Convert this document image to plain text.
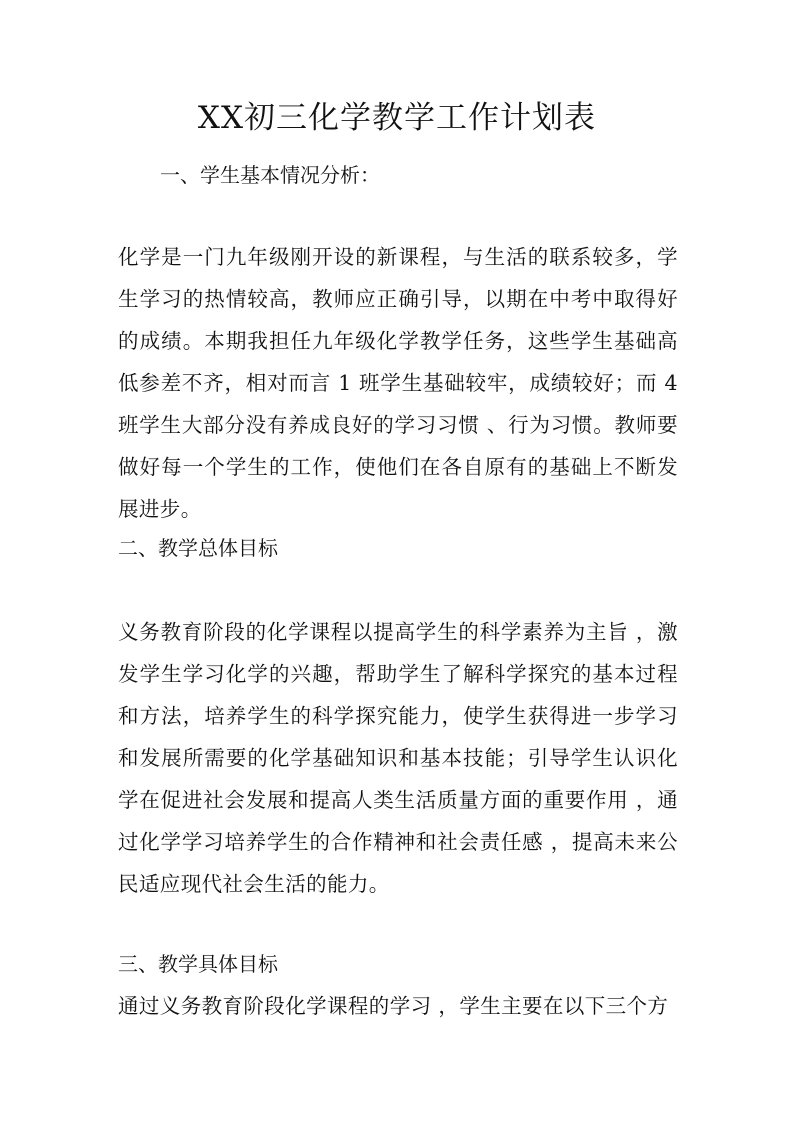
XX初三化学教学工作计划表

一、学生基本情况分析：

化学是一门九年级刚开设的新课程，与生活的联系较多，学生学习的热情较高，教师应正确引导，以期在中考中取得好的成绩。本期我担任九年级化学教学任务，这些学生基础高低参差不齐，相对而言 1 班学生基础较牢，成绩较好；而 4 班学生大部分没有养成良好的学习习惯 、行为习惯。教师要做好每一个学生的工作，使他们在各自原有的基础上不断发展进步。

二、教学总体目标

义务教育阶段的化学课程以提高学生的科学素养为主旨 ，激发学生学习化学的兴趣，帮助学生了解科学探究的基本过程和方法，培养学生的科学探究能力，使学生获得进一步学习和发展所需要的化学基础知识和基本技能；引导学生认识化学在促进社会发展和提高人类生活质量方面的重要作用 ，通过化学学习培养学生的合作精神和社会责任感 ，提高未来公民适应现代社会生活的能力。

三、教学具体目标

通过义务教育阶段化学课程的学习 ，学生主要在以下三个方
